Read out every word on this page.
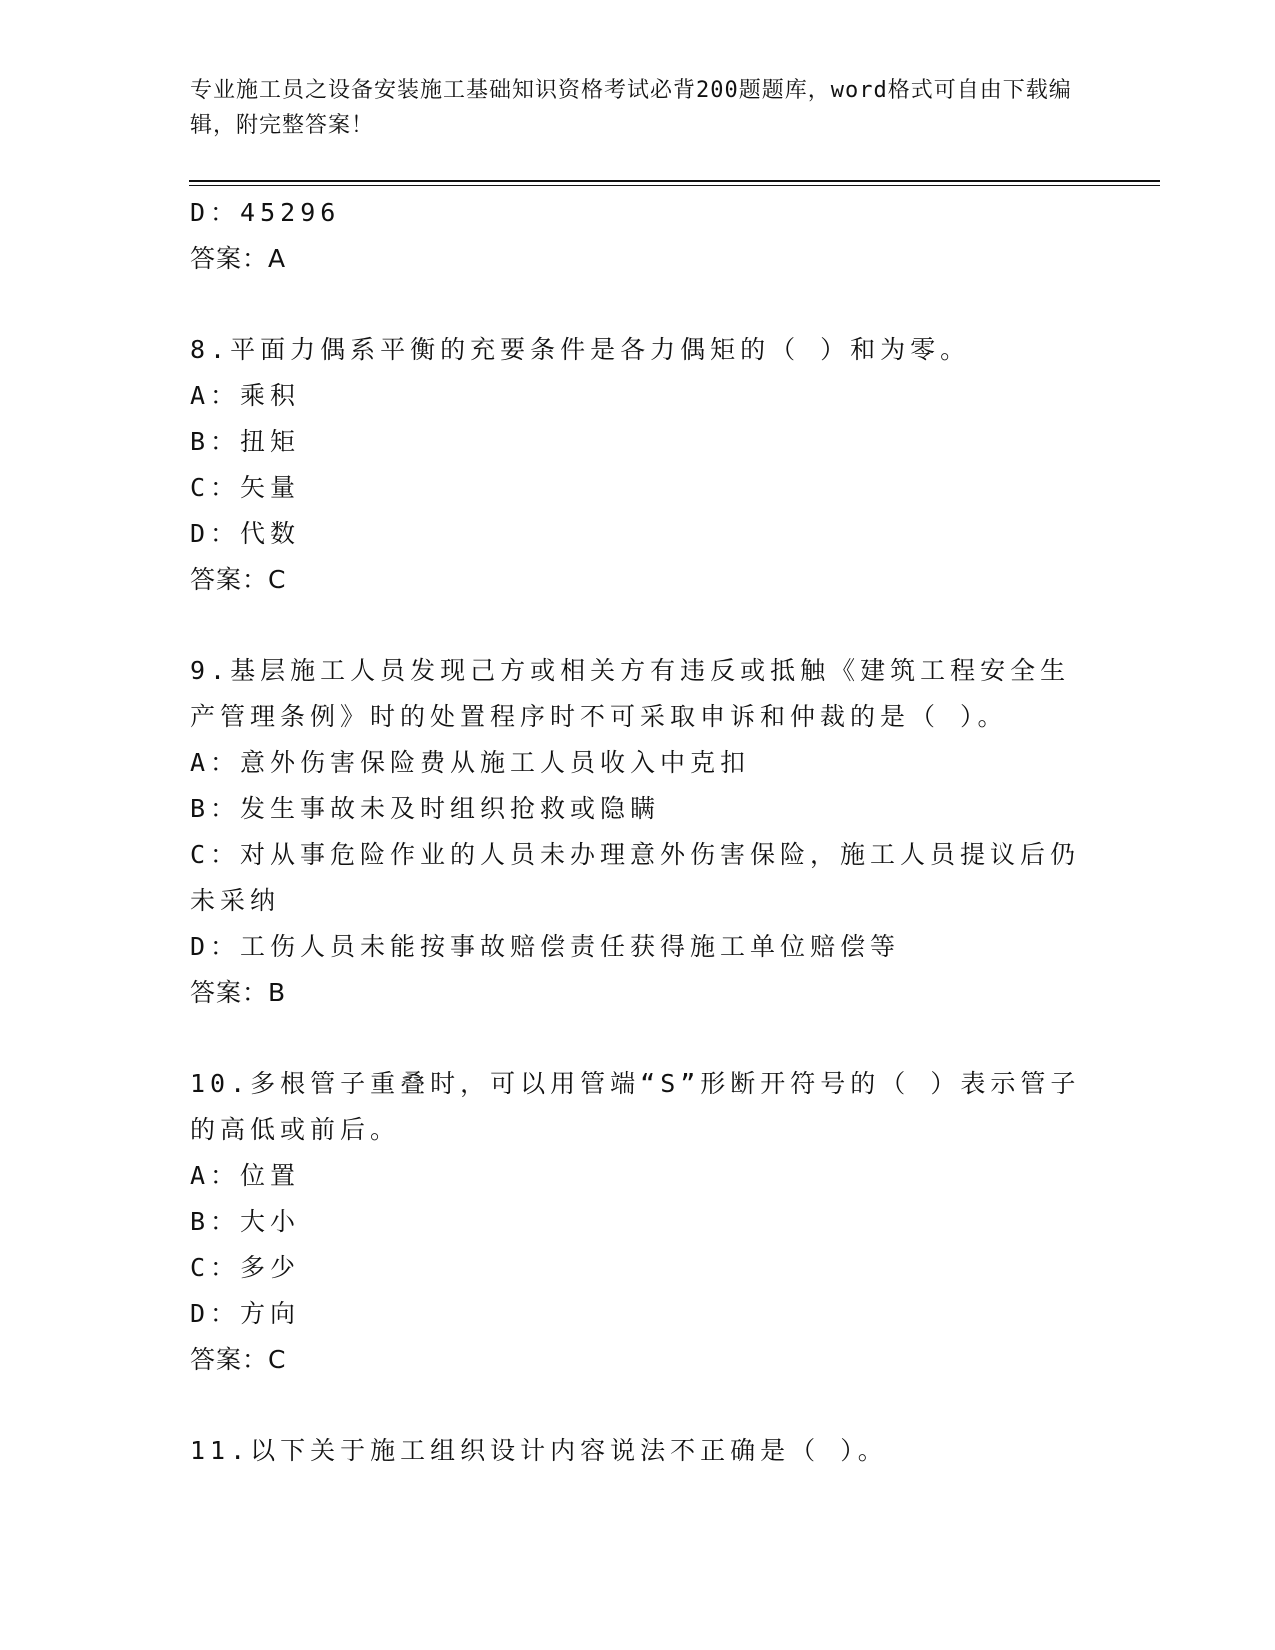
专业施工员之设备安装施工基础知识资格考试必背200题题库，word格式可自由下载编辑，附完整答案！
D：45296
答案：A
8.平面力偶系平衡的充要条件是各力偶矩的（ ）和为零。
A：乘积
B：扭矩
C：矢量
D：代数
答案：C
9.基层施工人员发现己方或相关方有违反或抵触《建筑工程安全生产管理条例》时的处置程序时不可采取申诉和仲裁的是（ ）。
A：意外伤害保险费从施工人员收入中克扣
B：发生事故未及时组织抢救或隐瞒
C：对从事危险作业的人员未办理意外伤害保险，施工人员提议后仍未采纳
D：工伤人员未能按事故赔偿责任获得施工单位赔偿等
答案：B
10.多根管子重叠时，可以用管端“S”形断开符号的（ ）表示管子的高低或前后。
A：位置
B：大小
C：多少
D：方向
答案：C
11.以下关于施工组织设计内容说法不正确是（ ）。
